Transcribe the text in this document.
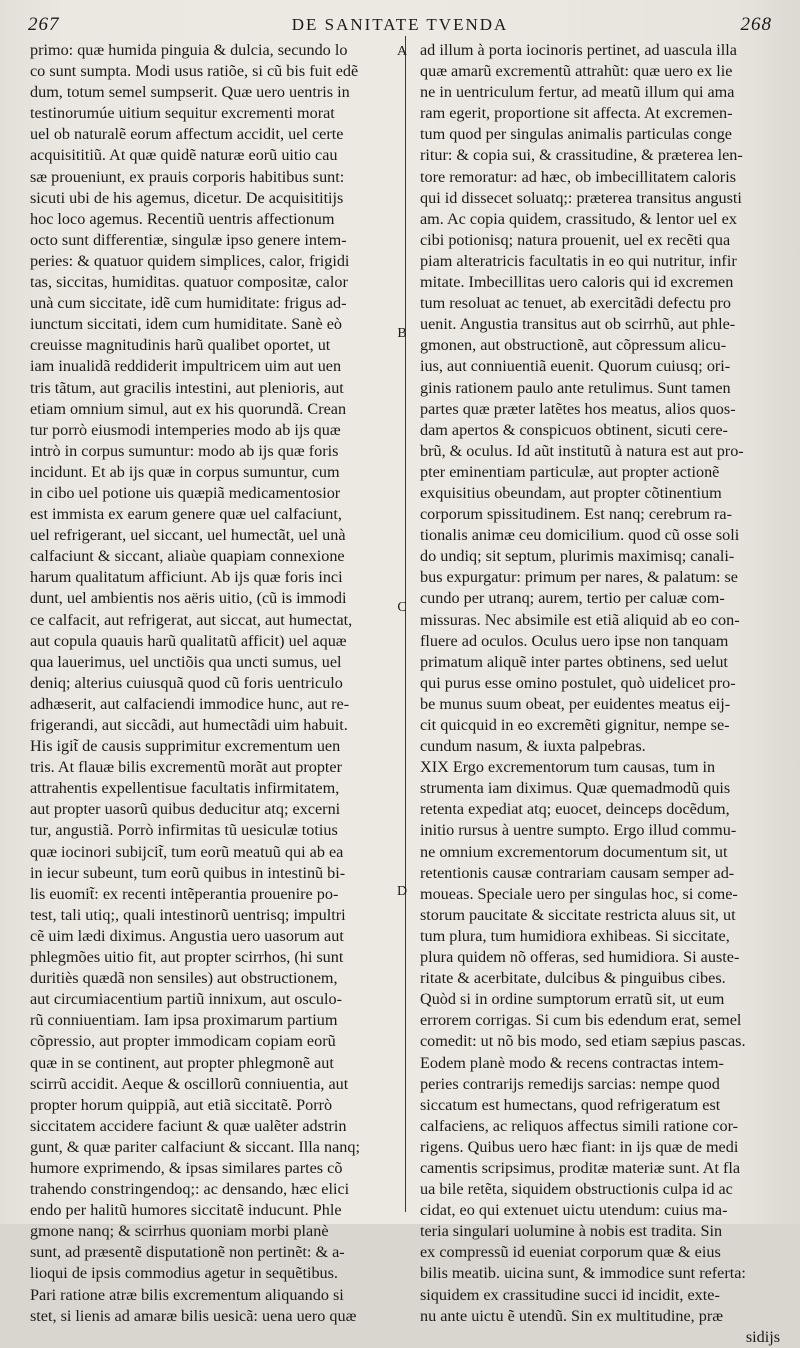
267	DE SANITATE TVENDA	268
A
B
C
D
primo: quæ humida pinguia & dulcia, secundo lo
co sunt sumpta. Modi usus ratiõe, si cũ bis fuit edẽ
dum, totum semel sumpserit. Quæ uero uentris in
testinorumúe uitium sequitur excrementi morat
uel ob naturalẽ eorum affectum accidit, uel certe
acquisititiũ. At quæ quidẽ naturæ eorũ uitio cau
sæ proueniunt, ex prauis corporis habitibus sunt:
sicuti ubi de his agemus, dicetur. De acquisititijs
hoc loco agemus. Recentiũ uentris affectionum
octo sunt differentiæ, singulæ ipso genere intem-
peries: & quatuor quidem simplices, calor, frigidi
tas, siccitas, humiditas. quatuor compositæ, calor
unà cum siccitate, idẽ cum humiditate: frigus ad-
iunctum siccitati, idem cum humiditate. Sanè eò
creuisse magnitudinis harũ qualibet oportet, ut
iam inualidã reddiderit impultricem uim aut uen
tris tãtum, aut gracilis intestini, aut plenioris, aut
etiam omnium simul, aut ex his quorundã. Crean
tur porrò eiusmodi intemperies modo ab ijs quæ
intrò in corpus sumuntur: modo ab ijs quæ foris
incidunt. Et ab ijs quæ in corpus sumuntur, cum
in cibo uel potione uis quæpiã medicamentosior
est immista ex earum genere quæ uel calfaciunt,
uel refrigerant, uel siccant, uel humectãt, uel unà
calfaciunt & siccant, aliaùe quapiam connexione
harum qualitatum afficiunt. Ab ijs quæ foris inci
dunt, uel ambientis nos aëris uitio, (cũ is immodi
ce calfacit, aut refrigerat, aut siccat, aut humectat,
aut copula quauis harũ qualitatũ afficit) uel aquæ
qua lauerimus, uel unctiõis qua uncti sumus, uel
deniq; alterius cuiusquã quod cũ foris uentriculo
adhæserit, aut calfaciendi immodice hunc, aut re-
frigerandi, aut siccãdi, aut humectãdi uim habuit.
His igit̃ de causis supprimitur excrementum uen
tris. At flauæ bilis excrementũ morãt aut propter
attrahentis expellentisue facultatis infirmitatem,
aut propter uasorũ quibus deducitur atq; excerni
tur, angustiã. Porrò infirmitas tũ uesiculæ totius
quæ iocinori subijcit̃, tum eorũ meatuũ qui ab ea
in iecur subeunt, tum eorũ quibus in intestinũ bi-
lis euomit̃: ex recenti intẽperantia prouenire po-
test, tali utiq;, quali intestinorũ uentrisq; impultri
cẽ uim lædi diximus. Angustia uero uasorum aut
phlegmões uitio fit, aut propter scirrhos, (hi sunt
duritiès quædã non sensiles) aut obstructionem,
aut circumiacentium partiũ innixum, aut osculo-
rũ conniuentiam. Iam ipsa proximarum partium
cõpressio, aut propter immodicam copiam eorũ
quæ in se continent, aut propter phlegmonẽ aut
scirrũ accidit. Aeque & oscillorũ conniuentia, aut
propter horum quippiã, aut etiã siccitatẽ. Porrò
siccitatem accidere faciunt & quæ ualẽter adstrin
gunt, & quæ pariter calfaciunt & siccant. Illa nanq;
humore exprimendo, & ipsas similares partes cõ
trahendo constringendoq;: ac densando, hæc elici
endo per halitũ humores siccitatẽ inducunt. Phle
gmone nanq; & scirrhus quoniam morbi planè
sunt, ad præsentẽ disputationẽ non pertinẽt: & a-
lioqui de ipsis commodius agetur in sequẽtibus.
Pari ratione atræ bilis excrementum aliquando si
stet, si lienis ad amaræ bilis uesicã: uena uero quæ
ad illum à porta iocinoris pertinet, ad uascula illa
quæ amarũ excrementũ attrahũt: quæ uero ex lie
ne in uentriculum fertur, ad meatũ illum qui ama
ram egerit, proportione sit affecta. At excremen-
tum quod per singulas animalis particulas conge
ritur: & copia sui, & crassitudine, & præterea len-
tore remoratur: ad hæc, ob imbecillitatem caloris
qui id dissecet soluatq;: præterea transitus angusti
am. Ac copia quidem, crassitudo, & lentor uel ex
cibi potionisq; natura prouenit, uel ex recẽti qua
piam alteratricis facultatis in eo qui nutritur, infir
mitate. Imbecillitas uero caloris qui id excremen
tum resoluat ac tenuet, ab exercitãdi defectu pro
uenit. Angustia transitus aut ob scirrhũ, aut phle-
gmonen, aut obstructionẽ, aut cõpressum alicu-
ius, aut conniuentiã euenit. Quorum cuiusq; ori-
ginis rationem paulo ante retulimus. Sunt tamen
partes quæ præter latẽtes hos meatus, alios quos-
dam apertos & conspicuos obtinent, sicuti cere-
brũ, & oculus. Id aũt institutũ à natura est aut pro-
pter eminentiam particulæ, aut propter actionẽ
exquisitius obeundam, aut propter cõtinentium
corporum spissitudinem. Est nanq; cerebrum ra-
tionalis animæ ceu domicilium. quod cũ osse soli
do undiq; sit septum, plurimis maximisq; canali-
bus expurgatur: primum per nares, & palatum: se
cundo per utranq; aurem, tertio per caluæ com-
missuras. Nec absimile est etiã aliquid ab eo con-
fluere ad oculos. Oculus uero ipse non tanquam
primatum aliquẽ inter partes obtinens, sed uelut
qui purus esse omino postulet, quò uidelicet pro-
be munus suum obeat, per euidentes meatus eij-
cit quicquid in eo excremẽti gignitur, nempe se-
cundum nasum, & iuxta palpebras.
XIX Ergo excrementorum tum causas, tum in
strumenta iam diximus. Quæ quemadmodũ quis
retenta expediat atq; euocet, deinceps docẽdum,
initio rursus à uentre sumpto. Ergo illud commu-
ne omnium excrementorum documentum sit, ut
retentionis causæ contrariam causam semper ad-
moueas. Speciale uero per singulas hoc, si come-
storum paucitate & siccitate restricta aluus sit, ut
tum plura, tum humidiora exhibeas. Si siccitate,
plura quidem nõ offeras, sed humidiora. Si auste-
ritate & acerbitate, dulcibus & pinguibus cibes.
Quòd si in ordine sumptorum erratũ sit, ut eum
errorem corrigas. Si cum bis edendum erat, semel
comedit: ut nõ bis modo, sed etiam sæpius pascas.
Eodem planè modo & recens contractas intem-
peries contrarijs remedijs sarcias: nempe quod
siccatum est humectans, quod refrigeratum est
calfaciens, ac reliquos affectus simili ratione cor-
rigens. Quibus uero hæc fiant: in ijs quæ de medi
camentis scripsimus, proditæ materiæ sunt. At fla
ua bile retẽta, siquidem obstructionis culpa id ac
cidat, eo qui extenuet uictu utendum: cuius ma-
teria singulari uolumine à nobis est tradita. Sin
ex compressũ id eueniat corporum quæ & eius
bilis meatib. uicina sunt, & immodice sunt referta:
siquidem ex crassitudine succi id incidit, exte-
nu ante uictu ẽ utendũ. Sin ex multitudine, præ
sidijs
